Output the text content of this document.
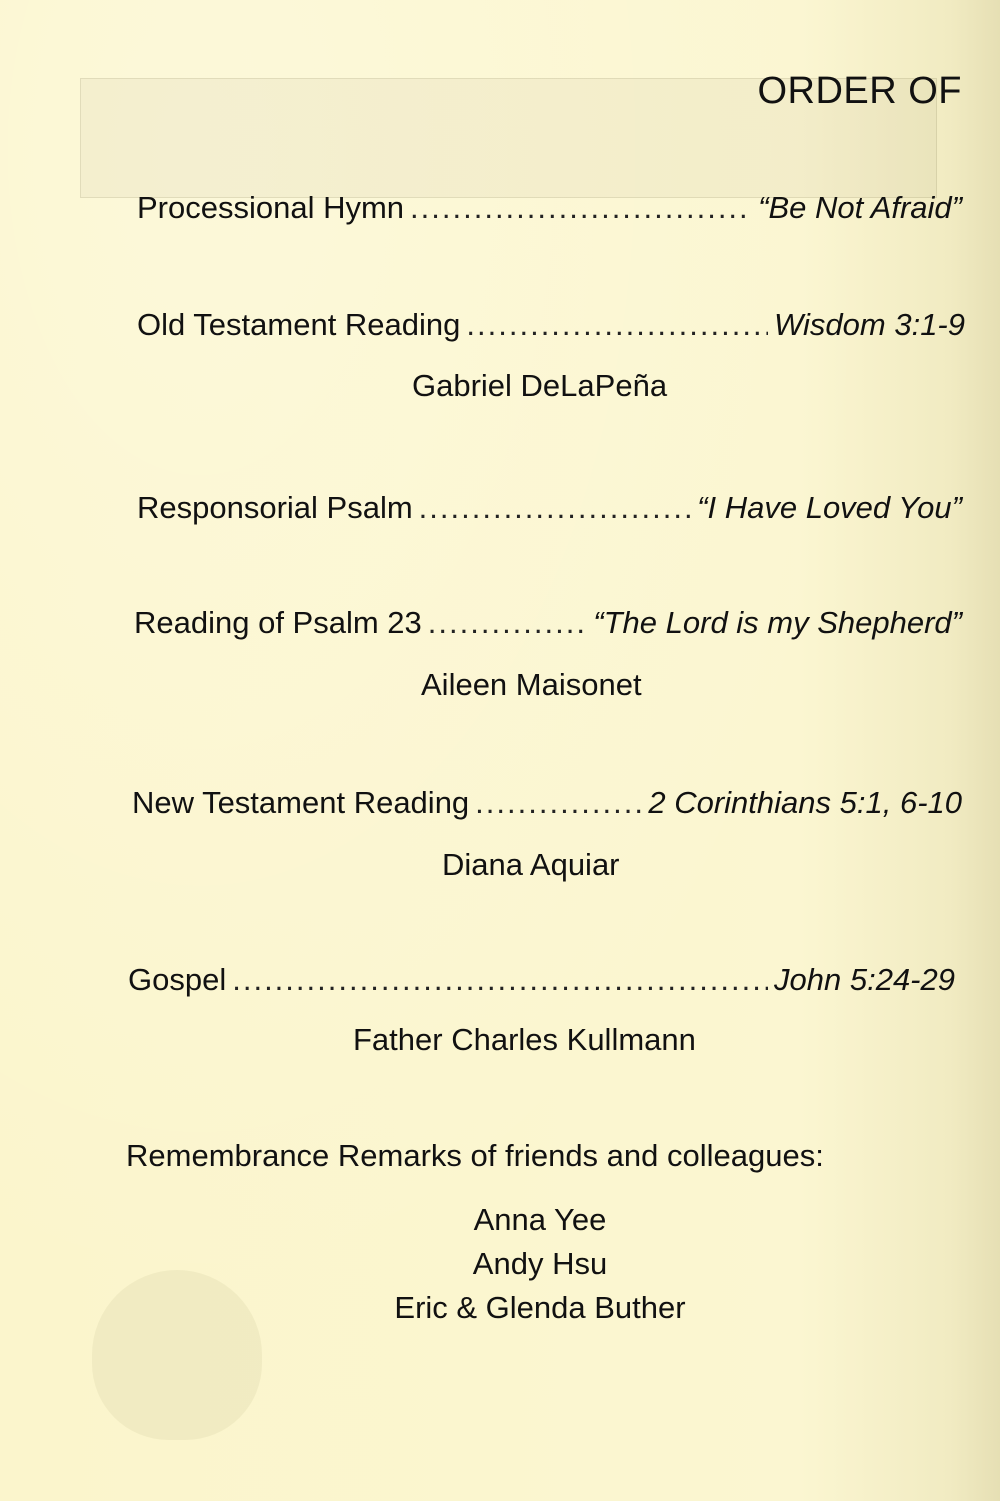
ORDER OF
Processional Hymn .....	“Be Not Afraid”
Old Testament Reading .....	Wisdom 3:1-9
Gabriel DeLaPeña
Responsorial Psalm .....	“I Have Loved You”
Reading of Psalm 23 .....	“The Lord is my Shepherd”
Aileen Maisonet
New Testament Reading .....	2 Corinthians 5:1, 6-10
Diana Aquiar
Gospel .....	John 5:24-29
Father Charles Kullmann
Remembrance Remarks of friends and colleagues:
Anna Yee
Andy Hsu
Eric & Glenda Buther
